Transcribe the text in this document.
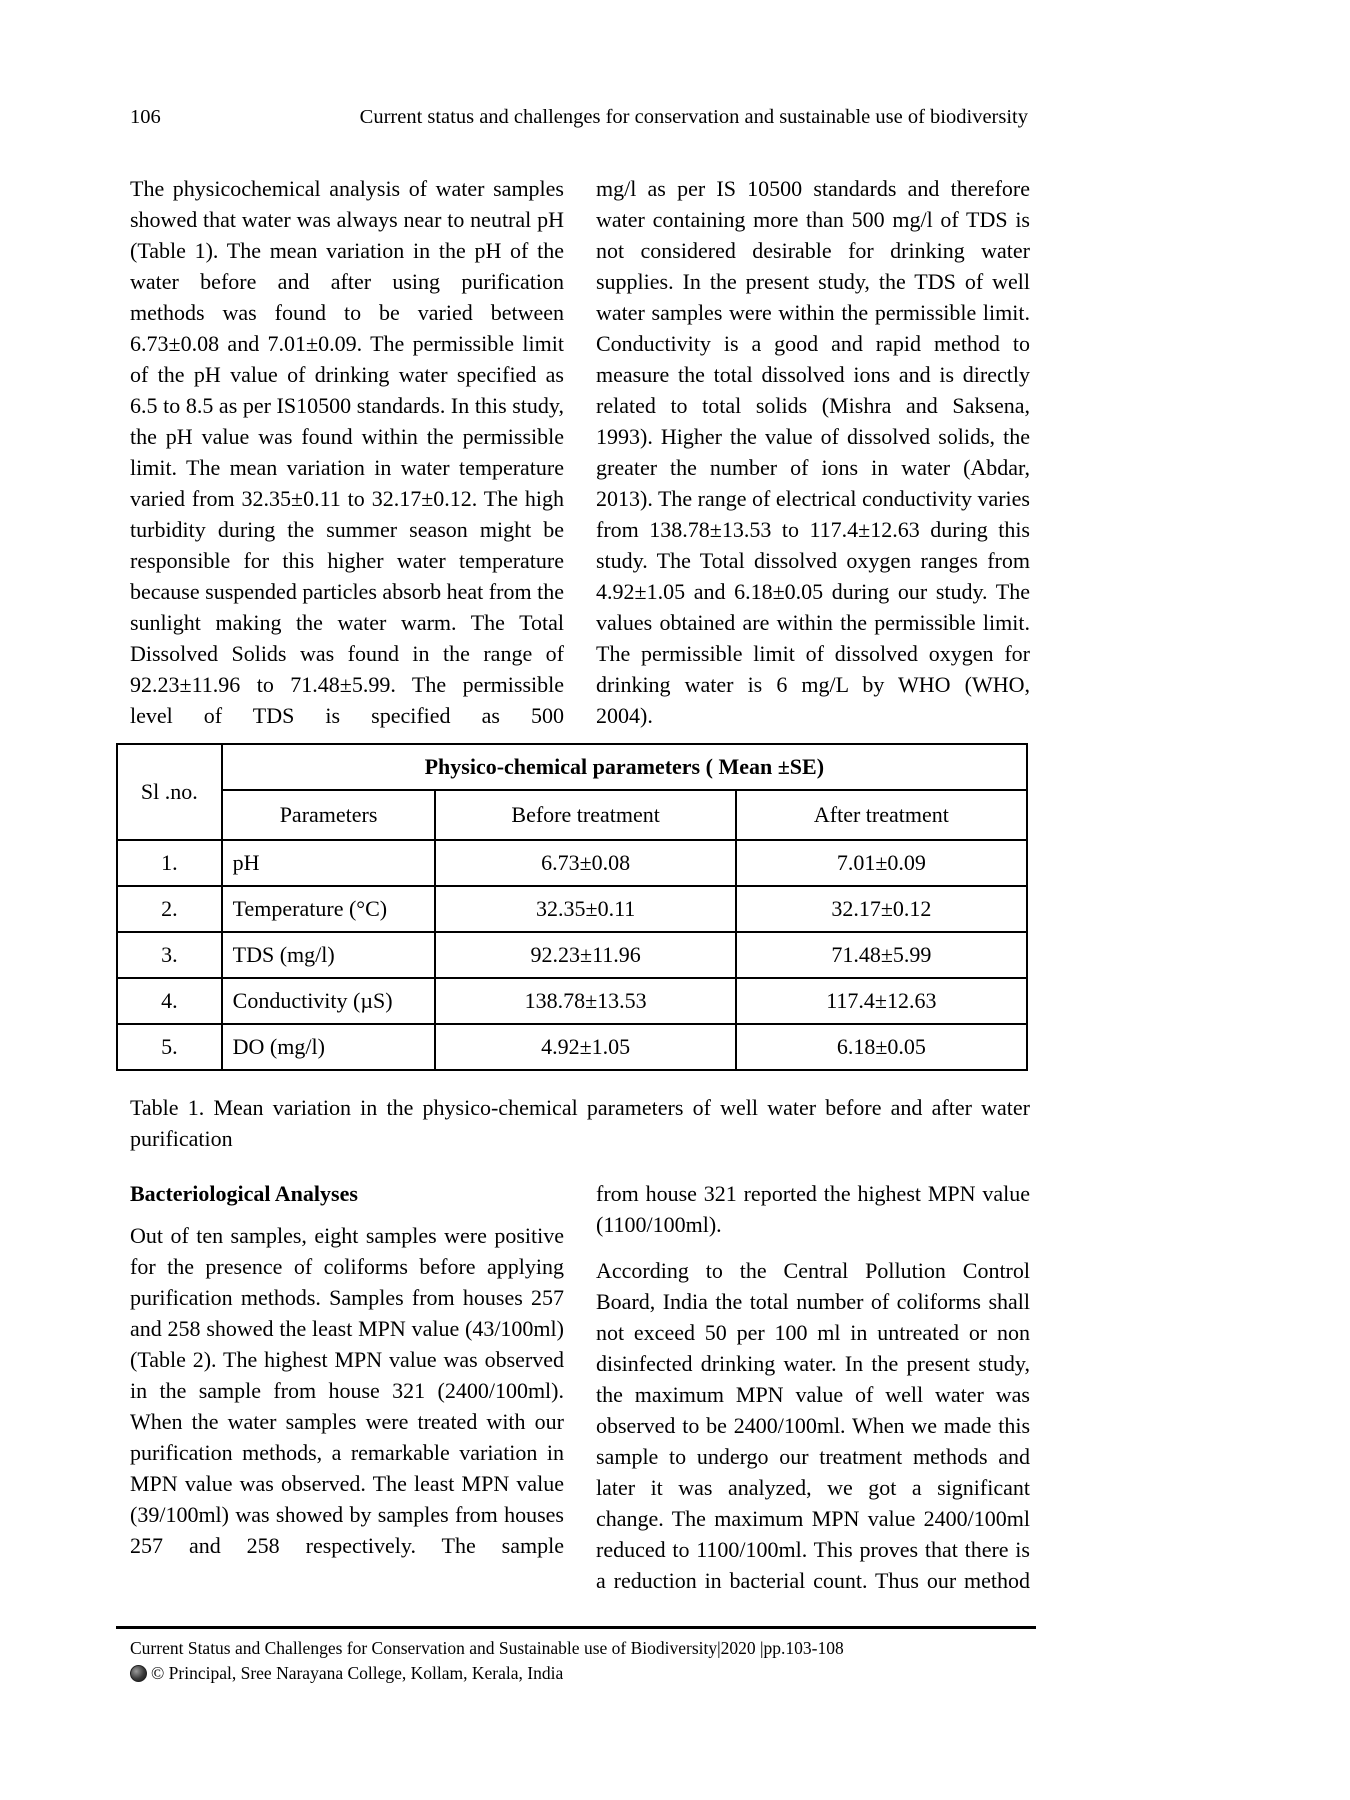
106	Current status and challenges for conservation and sustainable use of biodiversity

The physicochemical analysis of water samples showed that water was always near to neutral pH (Table 1). The mean variation in the pH of the water before and after using purification methods was found to be varied between 6.73±0.08 and 7.01±0.09. The permissible limit of the pH value of drinking water specified as 6.5 to 8.5 as per IS10500 standards. In this study, the pH value was found within the permissible limit. The mean variation in water temperature varied from 32.35±0.11 to 32.17±0.12. The high turbidity during the summer season might be responsible for this higher water temperature because suspended particles absorb heat from the sunlight making the water warm. The Total Dissolved Solids was found in the range of 92.23±11.96 to 71.48±5.99. The permissible level of TDS is specified as 500

mg/l as per IS 10500 standards and therefore water containing more than 500 mg/l of TDS is not considered desirable for drinking water supplies. In the present study, the TDS of well water samples were within the permissible limit. Conductivity is a good and rapid method to measure the total dissolved ions and is directly related to total solids (Mishra and Saksena, 1993). Higher the value of dissolved solids, the greater the number of ions in water (Abdar, 2013). The range of electrical conductivity varies from 138.78±13.53 to 117.4±12.63 during this study. The Total dissolved oxygen ranges from 4.92±1.05 and 6.18±0.05 during our study. The values obtained are within the permissible limit. The permissible limit of dissolved oxygen for drinking water is 6 mg/L by WHO (WHO, 2004).

Sl .no.	Physico-chemical parameters ( Mean ±SE)		
	Parameters	Before treatment	After treatment
1.	pH	6.73±0.08	7.01±0.09
2.	Temperature (°C)	32.35±0.11	32.17±0.12
3.	TDS (mg/l)	92.23±11.96	71.48±5.99
4.	Conductivity (µS)	138.78±13.53	117.4±12.63
5.	DO (mg/l)	4.92±1.05	6.18±0.05

Table 1. Mean variation in the physico-chemical parameters of well water before and after water purification

Bacteriological Analyses

Out of ten samples, eight samples were positive for the presence of coliforms before applying purification methods. Samples from houses 257 and 258 showed the least MPN value (43/100ml) (Table 2). The highest MPN value was observed in the sample from house 321 (2400/100ml). When the water samples were treated with our purification methods, a remarkable variation in MPN value was observed. The least MPN value (39/100ml) was showed by samples from houses 257 and 258 respectively. The sample

from house 321 reported the highest MPN value (1100/100ml).

According to the Central Pollution Control Board, India the total number of coliforms shall not exceed 50 per 100 ml in untreated or non disinfected drinking water. In the present study, the maximum MPN value of well water was observed to be 2400/100ml. When we made this sample to undergo our treatment methods and later it was analyzed, we got a significant change. The maximum MPN value 2400/100ml reduced to 1100/100ml. This proves that there is a reduction in bacterial count. Thus our method

Current Status and Challenges for Conservation and Sustainable use of Biodiversity|2020 |pp.103-108
© Principal, Sree Narayana College, Kollam, Kerala, India
